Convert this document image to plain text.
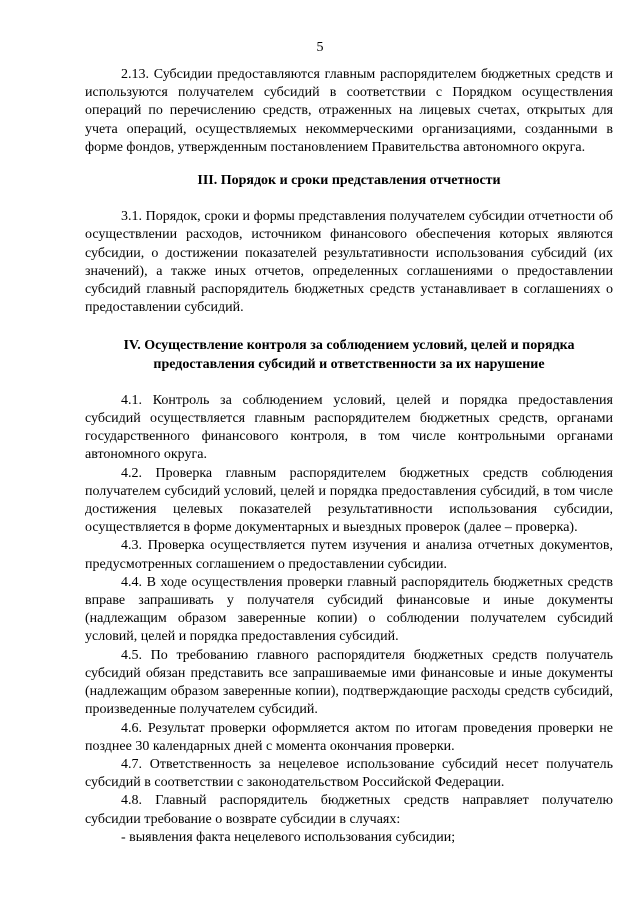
5

2.13. Субсидии предоставляются главным распорядителем бюджетных средств и используются получателем субсидий в соответствии с Порядком осуществления операций по перечислению средств, отраженных на лицевых счетах, открытых для учета операций, осуществляемых некоммерческими организациями, созданными в форме фондов, утвержденным постановлением Правительства автономного округа.

III. Порядок и сроки представления отчетности

3.1. Порядок, сроки и формы представления получателем субсидии отчетности об осуществлении расходов, источником финансового обеспечения которых являются субсидии, о достижении показателей результативности использования субсидий (их значений), а также иных отчетов, определенных соглашениями о предоставлении субсидий главный распорядитель бюджетных средств устанавливает в соглашениях о предоставлении субсидий.

IV. Осуществление контроля за соблюдением условий, целей и порядка предоставления субсидий и ответственности за их нарушение

4.1. Контроль за соблюдением условий, целей и порядка предоставления субсидий осуществляется главным распорядителем бюджетных средств, органами государственного финансового контроля, в том числе контрольными органами автономного округа.

4.2. Проверка главным распорядителем бюджетных средств соблюдения получателем субсидий условий, целей и порядка предоставления субсидий, в том числе достижения целевых показателей результативности использования субсидии, осуществляется в форме документарных и выездных проверок (далее – проверка).

4.3. Проверка осуществляется путем изучения и анализа отчетных документов, предусмотренных соглашением о предоставлении субсидии.

4.4. В ходе осуществления проверки главный распорядитель бюджетных средств вправе запрашивать у получателя субсидий финансовые и иные документы (надлежащим образом заверенные копии) о соблюдении получателем субсидий условий, целей и порядка предоставления субсидий.

4.5. По требованию главного распорядителя бюджетных средств получатель субсидий обязан представить все запрашиваемые ими финансовые и иные документы (надлежащим образом заверенные копии), подтверждающие расходы средств субсидий, произведенные получателем субсидий.

4.6. Результат проверки оформляется актом по итогам проведения проверки не позднее 30 календарных дней с момента окончания проверки.

4.7. Ответственность за нецелевое использование субсидий несет получатель субсидий в соответствии с законодательством Российской Федерации.

4.8. Главный распорядитель бюджетных средств направляет получателю субсидии требование о возврате субсидии в случаях:

- выявления факта нецелевого использования субсидии;
